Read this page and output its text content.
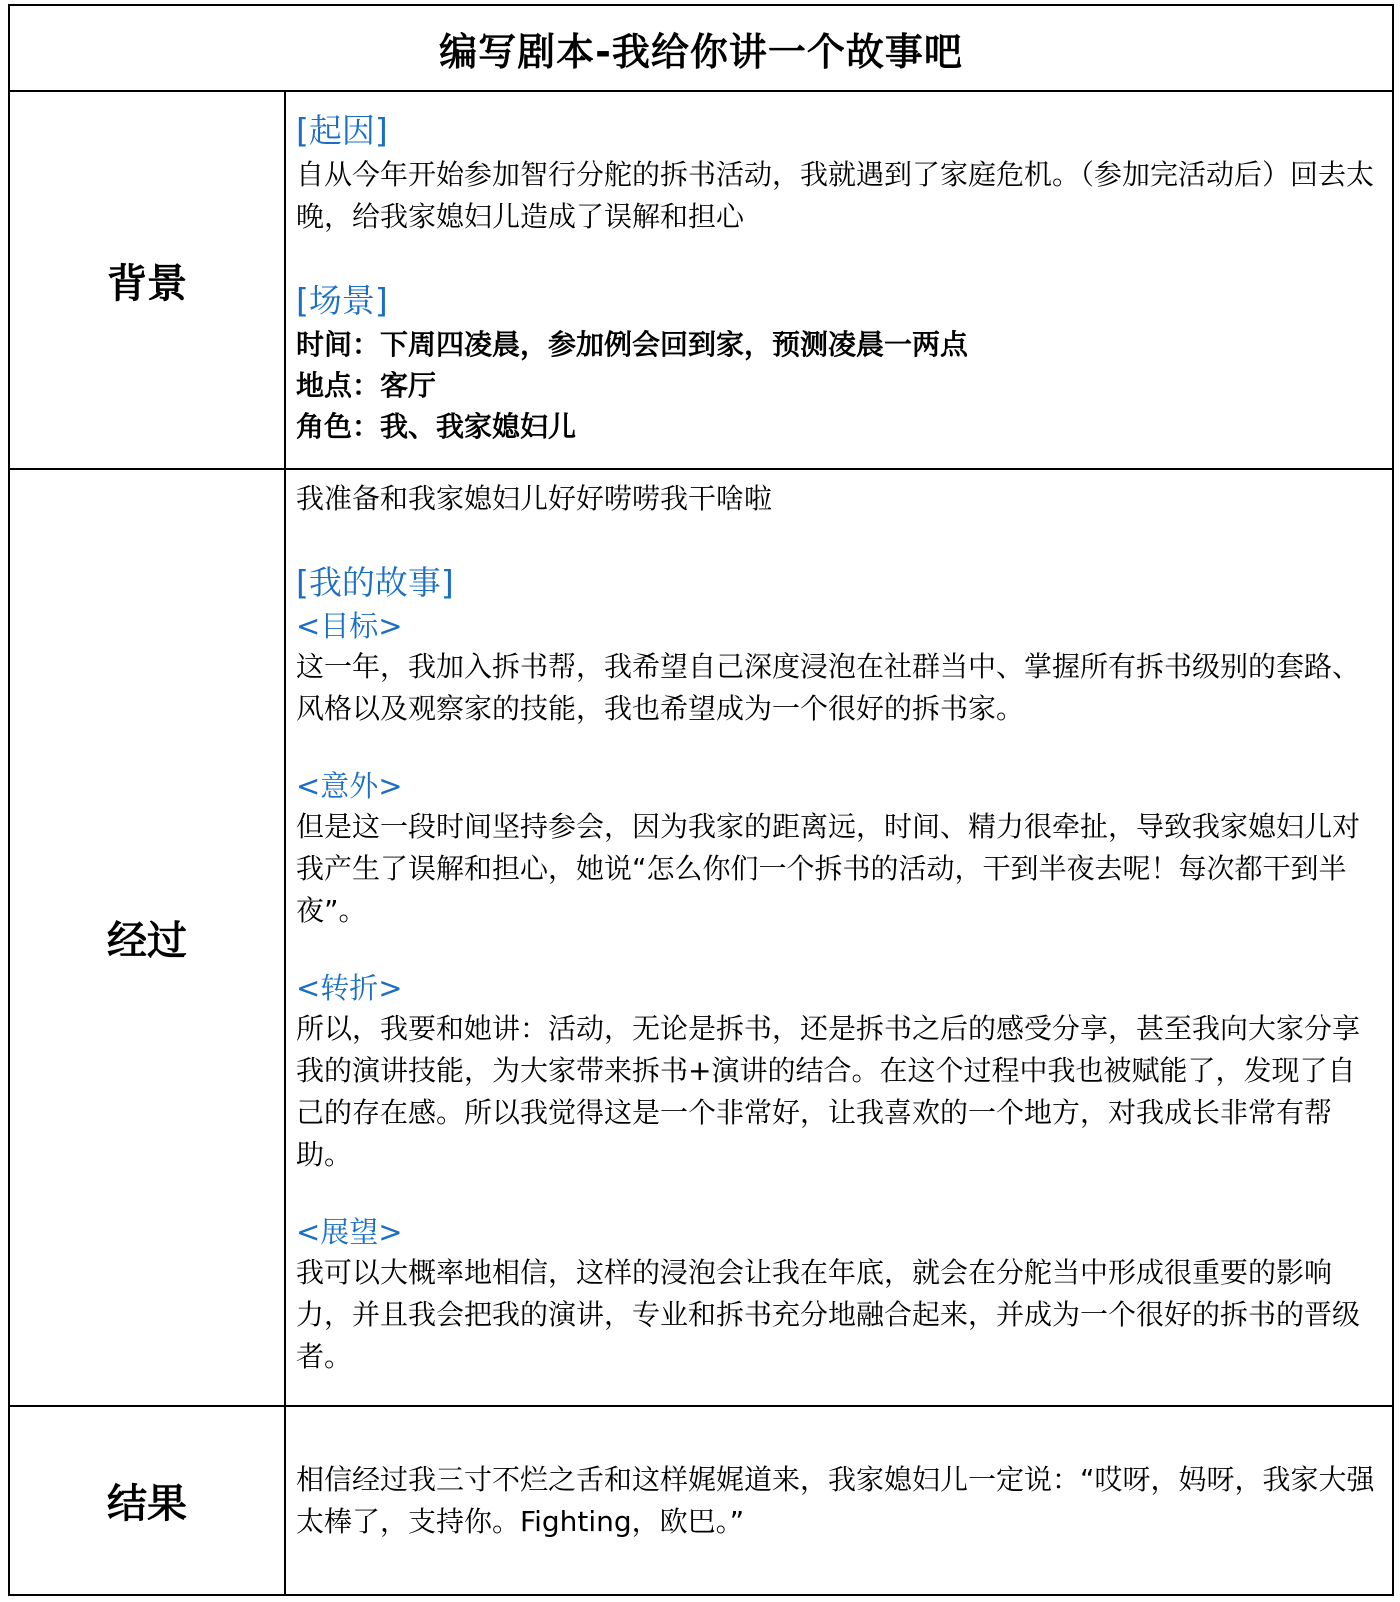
编写剧本-我给你讲一个故事吧
背景
[起因]

自从今年开始参加智行分舵的拆书活动，我就遇到了家庭危机。（参加完活动后）回去太晚，给我家媳妇儿造成了误解和担心

[场景]
时间：下周四凌晨，参加例会回到家，预测凌晨一两点
地点：客厅
角色：我、我家媳妇儿
经过

我准备和我家媳妇儿好好唠唠我干啥啦

[我的故事]
<目标>

这一年，我加入拆书帮，我希望自己深度浸泡在社群当中、掌握所有拆书级别的套路、风格以及观察家的技能，我也希望成为一个很好的拆书家。

<意外>

但是这一段时间坚持参会，因为我家的距离远，时间、精力很牵扯，导致我家媳妇儿对我产生了误解和担心，她说“怎么你们一个拆书的活动，干到半夜去呢！每次都干到半夜”。

<转折>

所以，我要和她讲：活动，无论是拆书，还是拆书之后的感受分享，甚至我向大家分享我的演讲技能，为大家带来拆书+演讲的结合。在这个过程中我也被赋能了，发现了自己的存在感。所以我觉得这是一个非常好，让我喜欢的一个地方，对我成长非常有帮助。

<展望>

我可以大概率地相信，这样的浸泡会让我在年底，就会在分舵当中形成很重要的影响力，并且我会把我的演讲，专业和拆书充分地融合起来，并成为一个很好的拆书的晋级者。

结果

相信经过我三寸不烂之舌和这样娓娓道来，我家媳妇儿一定说：“哎呀，妈呀，我家大强太棒了，支持你。Fighting，欧巴。”
